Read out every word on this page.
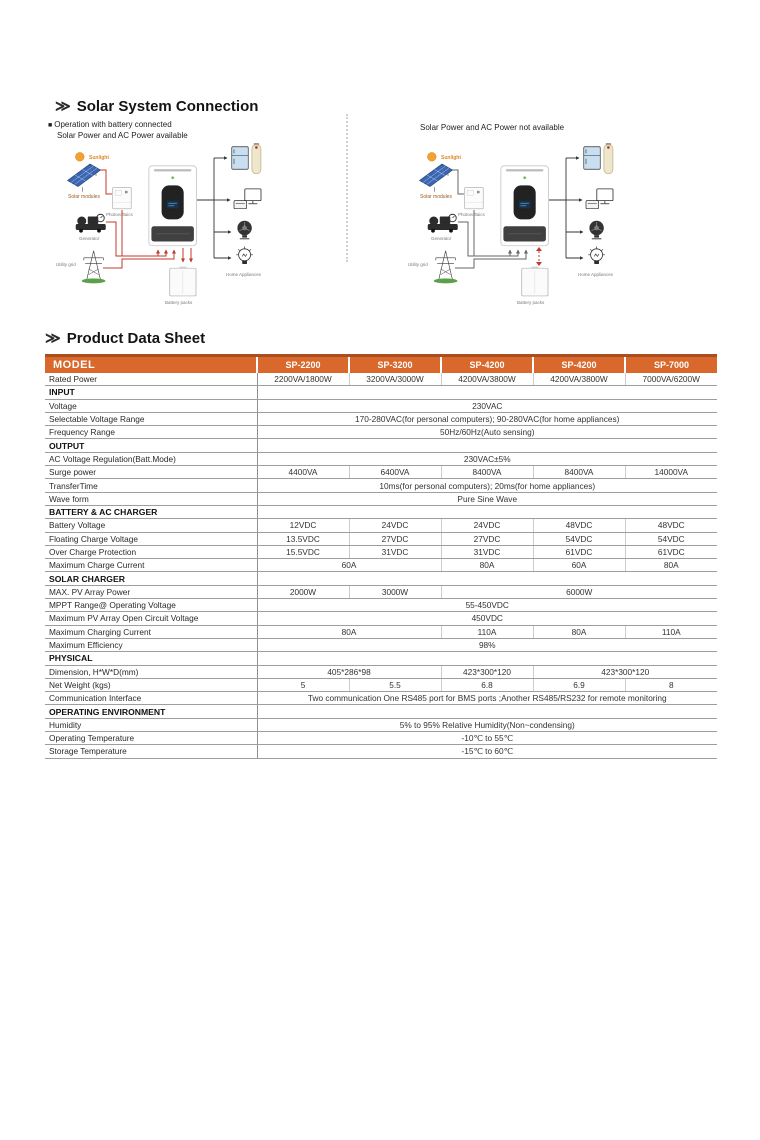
≫ Solar System Connection
■ Operation with battery connected
Solar Power and AC Power available
Solar Power and AC Power not available
Sunlight
Solar modules
Photovoltaics
Generator
Utility grid
Battery packs
Home Appliances
Sunlight
Solar modules
Photovoltaics
Generator
Utility grid
Battery packs
Home Appliances
≫ Product Data Sheet
MODEL	SP-2200	SP-3200	SP-4200	SP-4200	SP-7000
Rated Power	2200VA/1800W	3200VA/3000W	4200VA/3800W	4200VA/3800W	7000VA/6200W
INPUT					
Voltage	230VAC				
Selectable Voltage Range	170-280VAC(for personal computers); 90-280VAC(for home appliances)				
Frequency Range	50Hz/60Hz(Auto sensing)				
OUTPUT					
AC Voltage Regulation(Batt.Mode)	230VAC±5%				
Surge power	4400VA	6400VA	8400VA	8400VA	14000VA
TransferTime	10ms(for personal computers); 20ms(for home appliances)				
Wave form	Pure Sine Wave				
BATTERY & AC CHARGER					
Battery Voltage	12VDC	24VDC	24VDC	48VDC	48VDC
Floating Charge Voltage	13.5VDC	27VDC	27VDC	54VDC	54VDC
Over Charge Protection	15.5VDC	31VDC	31VDC	61VDC	61VDC
Maximum Charge Current	60A		80A	60A	80A
SOLAR CHARGER					
MAX. PV Array Power	2000W	3000W	6000W		
MPPT Range@ Operating Voltage	55-450VDC				
Maximum PV Array Open Circuit Voltage	450VDC				
Maximum Charging Current	80A		110A	80A	110A
Maximum Efficiency	98%				
PHYSICAL					
Dimension, H*W*D(mm)	405*286*98		423*300*120	423*300*120	
Net Weight (kgs)	5	5.5	6.8	6.9	8
Communication Interface	Two communication One RS485 port for BMS ports ;Another RS485/RS232 for remote monitoring				
OPERATING ENVIRONMENT					
Humidity	5% to 95% Relative Humidity(Non~condensing)				
Operating Temperature	-10℃ to 55℃				
Storage Temperature	-15℃ to 60℃				
